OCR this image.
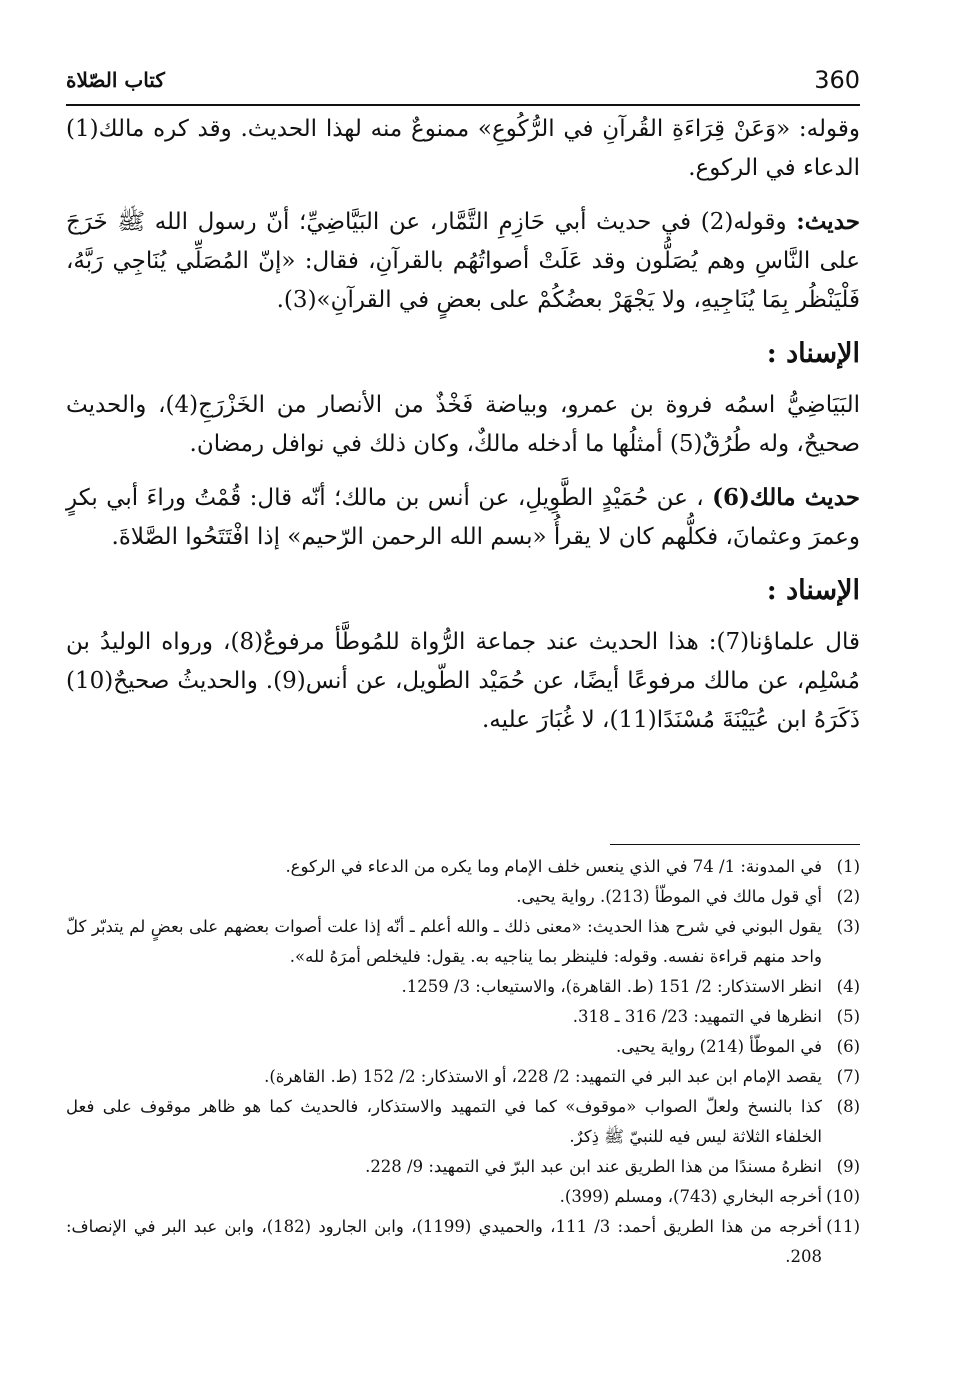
360
كتاب الصّلاة

وقوله: «وَعَنْ قِرَاءَةِ القُرآنِ في الرُّكُوعِ» ممنوعٌ منه لهذا الحديث. وقد كره مالك(1) الدعاء في الركوع.

حديث: وقوله(2) في حديث أبي حَازِمِ التَّمَّار، عن البَيَّاضِيِّ؛ أنّ رسول الله ﷺ خَرَجَ على النَّاسِ وهم يُصَلُّون وقد عَلَتْ أصواتُهُم بالقرآنِ، فقال: «إنّ المُصَلِّي يُنَاجِي رَبَّهُ، فَلْيَنْظُر بِمَا يُنَاجِيهِ، ولا يَجْهَرْ بعضُكُمْ على بعضٍ في القرآنِ»(3).

الإسناد :

البَيَاضِيُّ اسمُه فروة بن عمرو، وبياضة فَخْذٌ من الأنصار من الخَزْرَجِ(4)، والحديث صحيحٌ، وله طُرُقٌ(5) أمثلُها ما أدخله مالكٌ، وكان ذلك في نوافل رمضان.

حديث مالك(6) ، عن حُمَيْدٍ الطَّوِيلِ، عن أنس بن مالك؛ أنّه قال: قُمْتُ وراءَ أبي بكرٍ وعمرَ وعثمانَ، فكلُّهم كان لا يقرأُ «بسم الله الرحمن الرّحيم» إذا افْتَتَحُوا الصَّلاةَ.

الإسناد :

قال علماؤنا(7): هذا الحديث عند جماعة الرُّواة للمُوطَّأ مرفوعٌ(8)، ورواه الوليدُ بن مُسْلِم، عن مالك مرفوعًا أيضًا، عن حُمَيْد الطّويل، عن أنس(9). والحديثُ صحيحٌ(10) ذَكَرَهُ ابن عُيَيْنَةَ مُسْنَدًا(11)، لا غُبَارَ عليه.

(1)
في المدونة: 1/ 74 في الذي ينعس خلف الإمام وما يكره من الدعاء في الركوع.
(2)
أي قول مالك في الموطّأ (213). رواية يحيى.
(3)
يقول البوني في شرح هذا الحديث: «معنى ذلك ـ والله أعلم ـ أنّه إذا علت أصوات بعضهم على بعضٍ لم يتدبّر كلّ واحد منهم قراءة نفسه. وقوله: فلينظر بما يناجيه به. يقول: فليخلص أمرَهُ لله».
(4)
انظر الاستذكار: 2/ 151 (ط. القاهرة)، والاستيعاب: 3/ 1259.
(5)
انظرها في التمهيد: 23/ 316 ـ 318.
(6)
في الموطّأ (214) رواية يحيى.
(7)
يقصد الإمام ابن عبد البر في التمهيد: 2/ 228، أو الاستذكار: 2/ 152 (ط. القاهرة).
(8)
كذا بالنسخ ولعلّ الصواب «موقوف» كما في التمهيد والاستذكار، فالحديث كما هو ظاهر موقوف على فعل الخلفاء الثلاثة ليس فيه للنبيّ ﷺ ذِكرٌ.
(9)
انظرهُ مسندًا من هذا الطريق عند ابن عبد البرّ في التمهيد: 9/ 228.
(10)
أخرجه البخاري (743)، ومسلم (399).
(11)
أخرجه من هذا الطريق أحمد: 3/ 111، والحميدي (1199)، وابن الجارود (182)، وابن عبد البر في الإنصاف: 208.
